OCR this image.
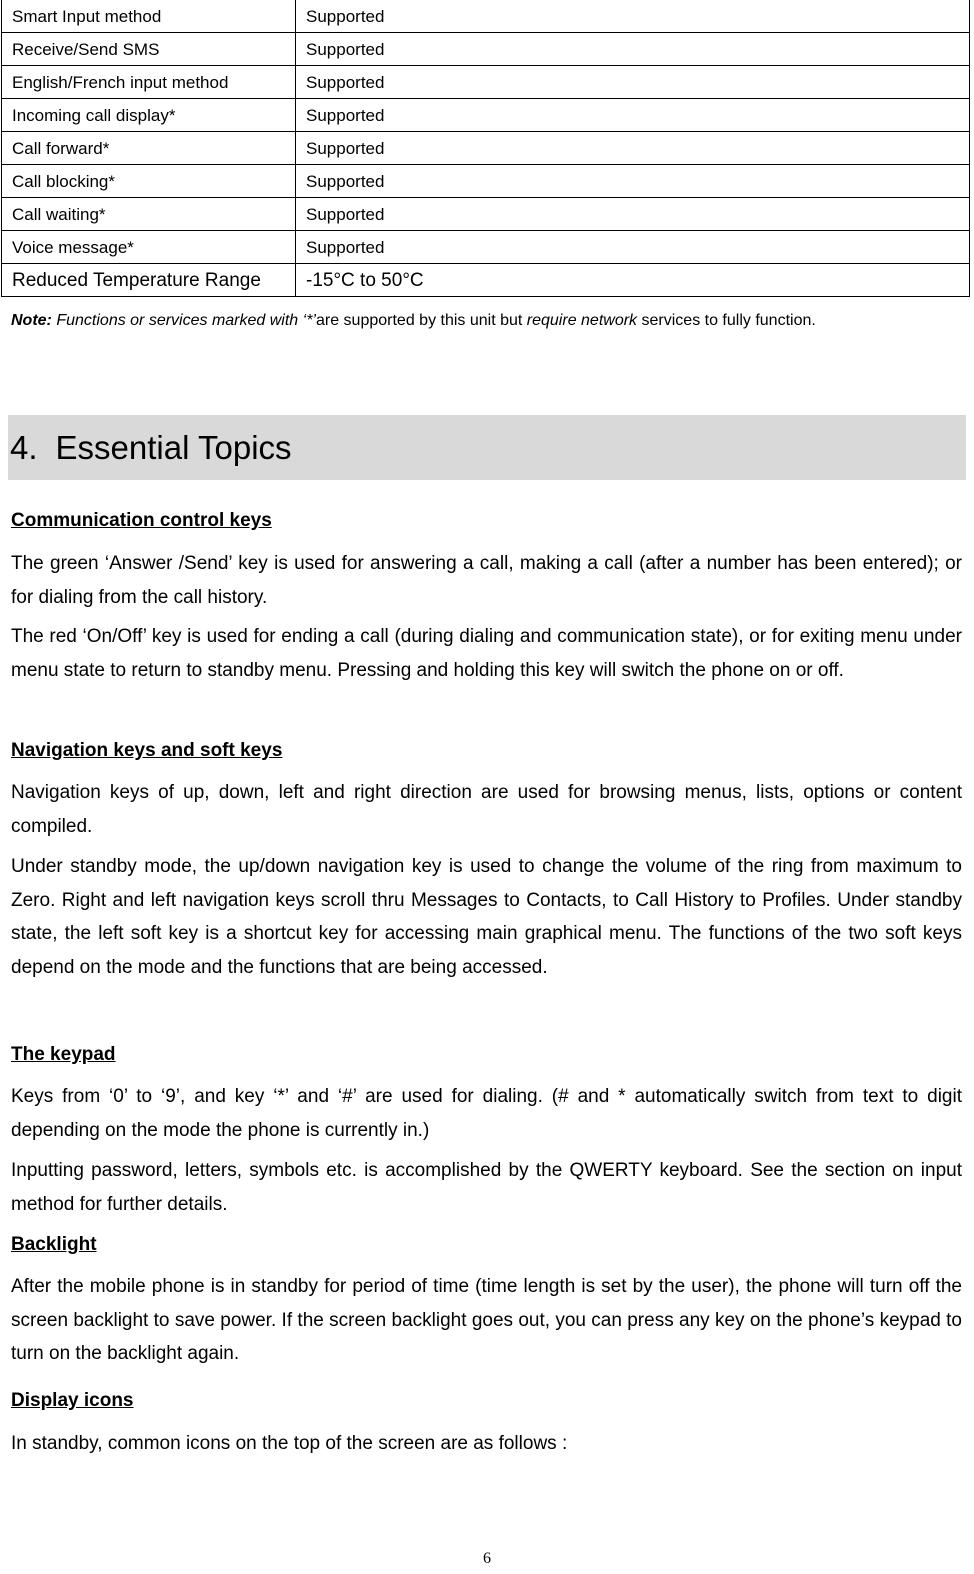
Smart Input method	Supported
Receive/Send SMS	Supported
English/French input method	Supported
Incoming call display*	Supported
Call forward*	Supported
Call blocking*	Supported
Call waiting*	Supported
Voice message*	Supported
Reduced Temperature Range	-15°C to 50°C
Note: Functions or services marked with ‘*’are supported by this unit but require network services to fully function.
4. Essential Topics
Communication control keys
The green ‘Answer /Send’ key is used for answering a call, making a call (after a number has been entered); or for dialing from the call history.
The red ‘On/Off’ key is used for ending a call (during dialing and communication state), or for exiting menu under menu state to return to standby menu. Pressing and holding this key will switch the phone on or off.
Navigation keys and soft keys
Navigation keys of up, down, left and right direction are used for browsing menus, lists, options or content compiled.
Under standby mode, the up/down navigation key is used to change the volume of the ring from maximum to Zero. Right and left navigation keys scroll thru Messages to Contacts, to Call History to Profiles. Under standby state, the left soft key is a shortcut key for accessing main graphical menu. The functions of the two soft keys depend on the mode and the functions that are being accessed.
The keypad
Keys from ‘0’ to ‘9’, and key ‘*’ and ‘#’ are used for dialing. (# and * automatically switch from text to digit depending on the mode the phone is currently in.)
Inputting password, letters, symbols etc. is accomplished by the QWERTY keyboard. See the section on input method for further details.
Backlight
After the mobile phone is in standby for period of time (time length is set by the user), the phone will turn off the screen backlight to save power. If the screen backlight goes out, you can press any key on the phone’s keypad to turn on the backlight again.
Display icons
In standby, common icons on the top of the screen are as follows :
6
